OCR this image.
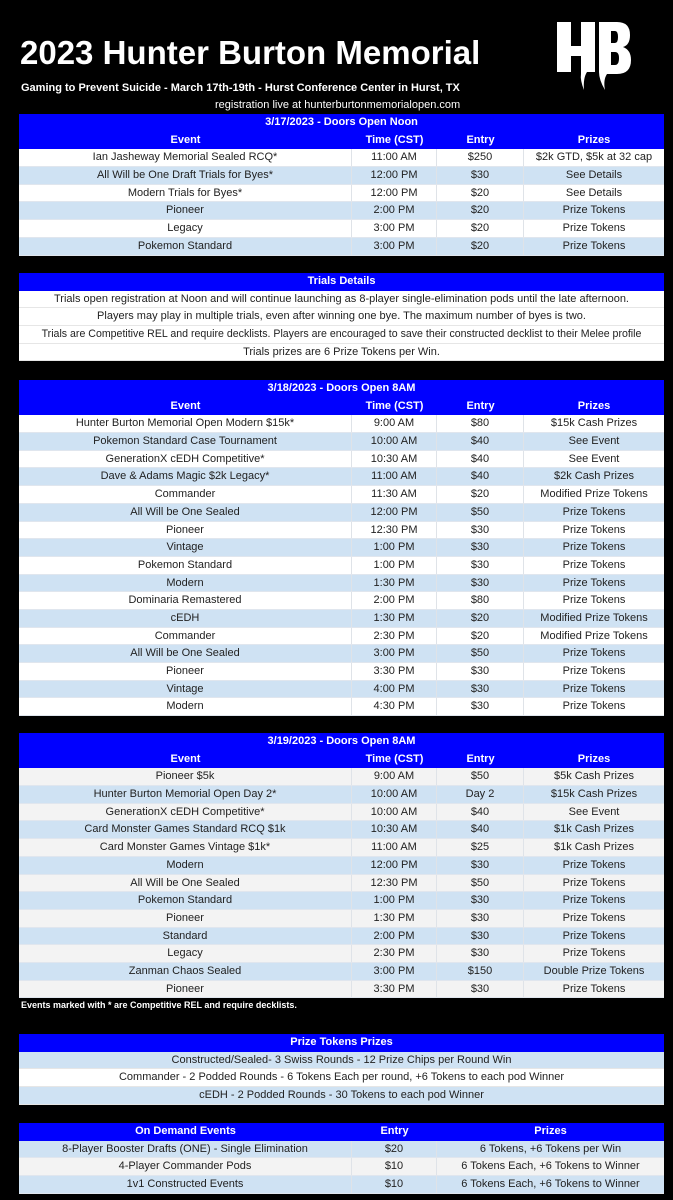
2023 Hunter Burton Memorial
Gaming to Prevent Suicide - March 17th-19th - Hurst Conference Center in Hurst, TX
registration live at hunterburtonmemorialopen.com
3/17/2023 - Doors Open Noon
Event	Time (CST)	Entry	Prizes
Ian Jasheway Memorial Sealed RCQ*	11:00 AM	$250	$2k GTD, $5k at 32 cap
All Will be One Draft Trials for Byes*	12:00 PM	$30	See Details
Modern Trials for Byes*	12:00 PM	$20	See Details
Pioneer	2:00 PM	$20	Prize Tokens
Legacy	3:00 PM	$20	Prize Tokens
Pokemon Standard	3:00 PM	$20	Prize Tokens
Trials Details
Trials open registration at Noon and will continue launching as 8-player single-elimination pods until the late afternoon.
Players may play in multiple trials, even after winning one bye. The maximum number of byes is two.
Trials are Competitive REL and require decklists. Players are encouraged to save their constructed decklist to their Melee profile
Trials prizes are 6 Prize Tokens per Win.
3/18/2023 - Doors Open 8AM
Event	Time (CST)	Entry	Prizes
Hunter Burton Memorial Open Modern $15k*	9:00 AM	$80	$15k Cash Prizes
Pokemon Standard Case Tournament	10:00 AM	$40	See Event
GenerationX cEDH Competitive*	10:30 AM	$40	See Event
Dave & Adams Magic $2k Legacy*	11:00 AM	$40	$2k Cash Prizes
Commander	11:30 AM	$20	Modified Prize Tokens
All Will be One Sealed	12:00 PM	$50	Prize Tokens
Pioneer	12:30 PM	$30	Prize Tokens
Vintage	1:00 PM	$30	Prize Tokens
Pokemon Standard	1:00 PM	$30	Prize Tokens
Modern	1:30 PM	$30	Prize Tokens
Dominaria Remastered	2:00 PM	$80	Prize Tokens
cEDH	1:30 PM	$20	Modified Prize Tokens
Commander	2:30 PM	$20	Modified Prize Tokens
All Will be One Sealed	3:00 PM	$50	Prize Tokens
Pioneer	3:30 PM	$30	Prize Tokens
Vintage	4:00 PM	$30	Prize Tokens
Modern	4:30 PM	$30	Prize Tokens
3/19/2023 - Doors Open 8AM
Event	Time (CST)	Entry	Prizes
Pioneer $5k	9:00 AM	$50	$5k Cash Prizes
Hunter Burton Memorial Open Day 2*	10:00 AM	Day 2	$15k Cash Prizes
GenerationX cEDH Competitive*	10:00 AM	$40	See Event
Card Monster Games Standard RCQ $1k	10:30 AM	$40	$1k Cash Prizes
Card Monster Games Vintage $1k*	11:00 AM	$25	$1k Cash Prizes
Modern	12:00 PM	$30	Prize Tokens
All Will be One Sealed	12:30 PM	$50	Prize Tokens
Pokemon Standard	1:00 PM	$30	Prize Tokens
Pioneer	1:30 PM	$30	Prize Tokens
Standard	2:00 PM	$30	Prize Tokens
Legacy	2:30 PM	$30	Prize Tokens
Zanman Chaos Sealed	3:00 PM	$150	Double Prize Tokens
Pioneer	3:30 PM	$30	Prize Tokens
Events marked with * are Competitive REL and require decklists.
Prize Tokens Prizes
Constructed/Sealed- 3 Swiss Rounds - 12 Prize Chips per Round Win
Commander - 2 Podded Rounds - 6 Tokens Each per round, +6 Tokens to each pod Winner
cEDH - 2 Podded Rounds - 30 Tokens to each pod Winner
On Demand Events	Entry	Prizes
8-Player Booster Drafts (ONE) - Single Elimination	$20	6 Tokens, +6 Tokens per Win
4-Player Commander Pods	$10	6 Tokens Each, +6 Tokens to Winner
1v1 Constructed Events	$10	6 Tokens Each, +6 Tokens to Winner
